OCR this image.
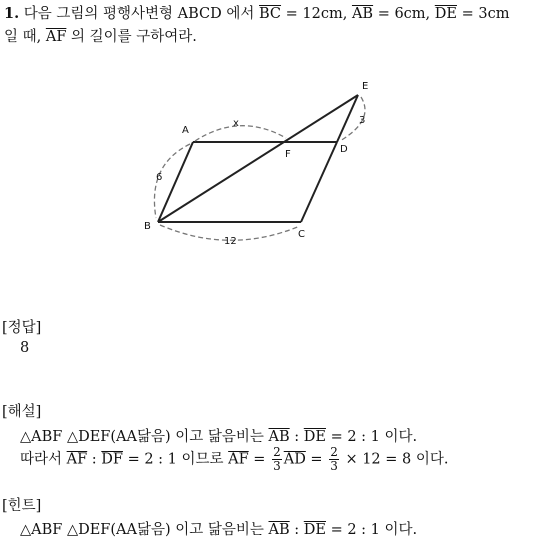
1. 다음 그림의 평행사변형 ABCD 에서 $\overline{BC} = 12cm$, $\overline{AB} = 6cm$, $\overline{DE} = 3cm$
일 때, $\overline{AF}$ 의 길이를 구하여라.
A
B
C
D
E
F
x	3
6
12
[정답]
8
[해설]
△ABF △DEF(AA닮음) 이고 닮음비는 $\overline{AB}$ : $\overline{DE} = 2$ : 1 이다.
따라서 $\overline{AF}$ : $\overline{DF} = 2$ : 1 이므로 $\overline{AF} = \frac{2}{3} \overline{AD} = \frac{2}{3} \times 12 = 8$ 이다.
[힌트]
△ABF △DEF(AA닮음) 이고 닮음비는 $\overline{AB}$ : $\overline{DE} = 2$ : 1 이다.
